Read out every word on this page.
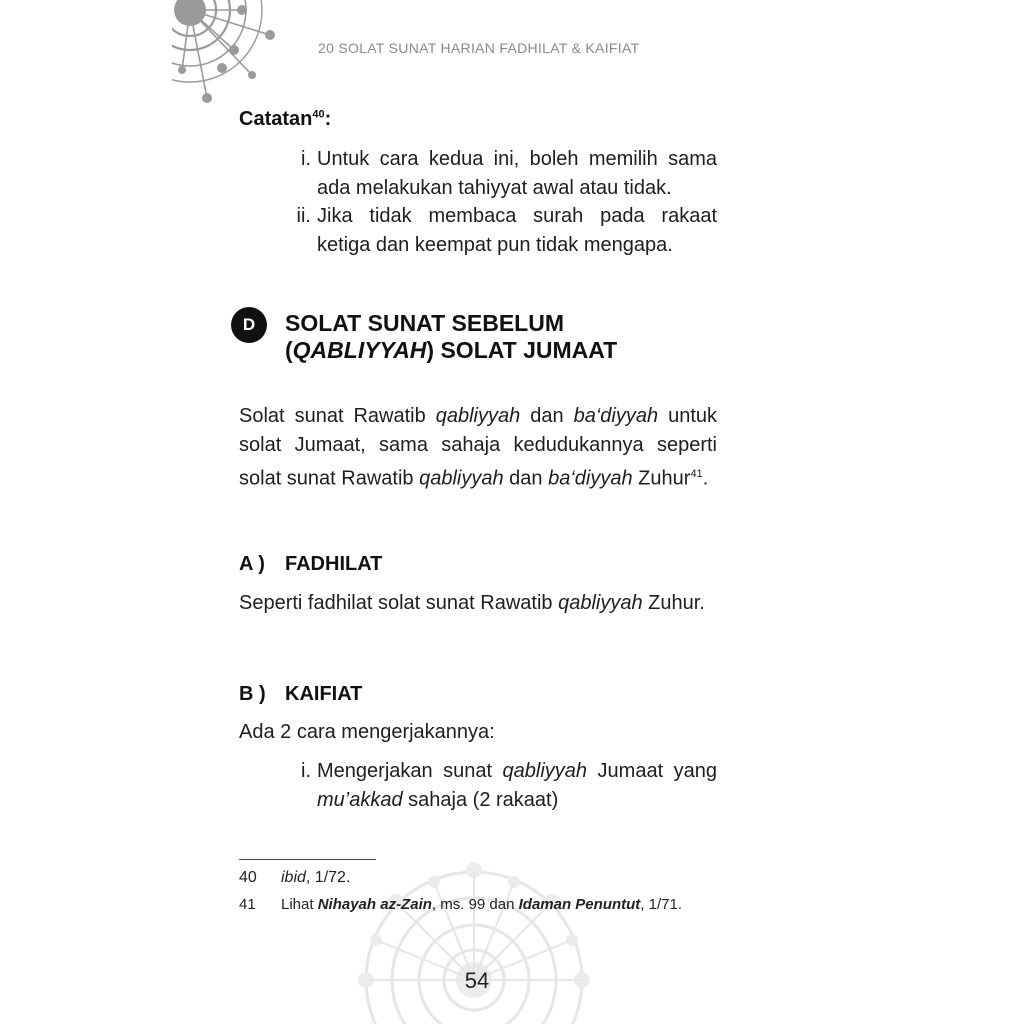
20 SOLAT SUNAT HARIAN FADHILAT & KAIFIAT
Catatan$^{40}$:
i. Untuk cara kedua ini, boleh memilih sama ada melakukan tahiyyat awal atau tidak.
ii. Jika tidak membaca surah pada rakaat ketiga dan keempat pun tidak mengapa.
D	SOLAT SUNAT SEBELUM
(QABLIYYAH) SOLAT JUMAAT
Solat sunat Rawatib qabliyyah dan ba‘diyyah untuk solat Jumaat, sama sahaja kedudukannya seperti solat sunat Rawatib qabliyyah dan ba‘diyyah Zuhur$^{41}$.
A ) FADHILAT
Seperti fadhilat solat sunat Rawatib qabliyyah Zuhur.
B ) KAIFIAT
Ada 2 cara mengerjakannya:
i. Mengerjakan sunat qabliyyah Jumaat yang mu’akkad sahaja (2 rakaat)
40 ibid, 1/72.
41 Lihat Nihayah az-Zain, ms. 99 dan Idaman Penuntut, 1/71.
54
